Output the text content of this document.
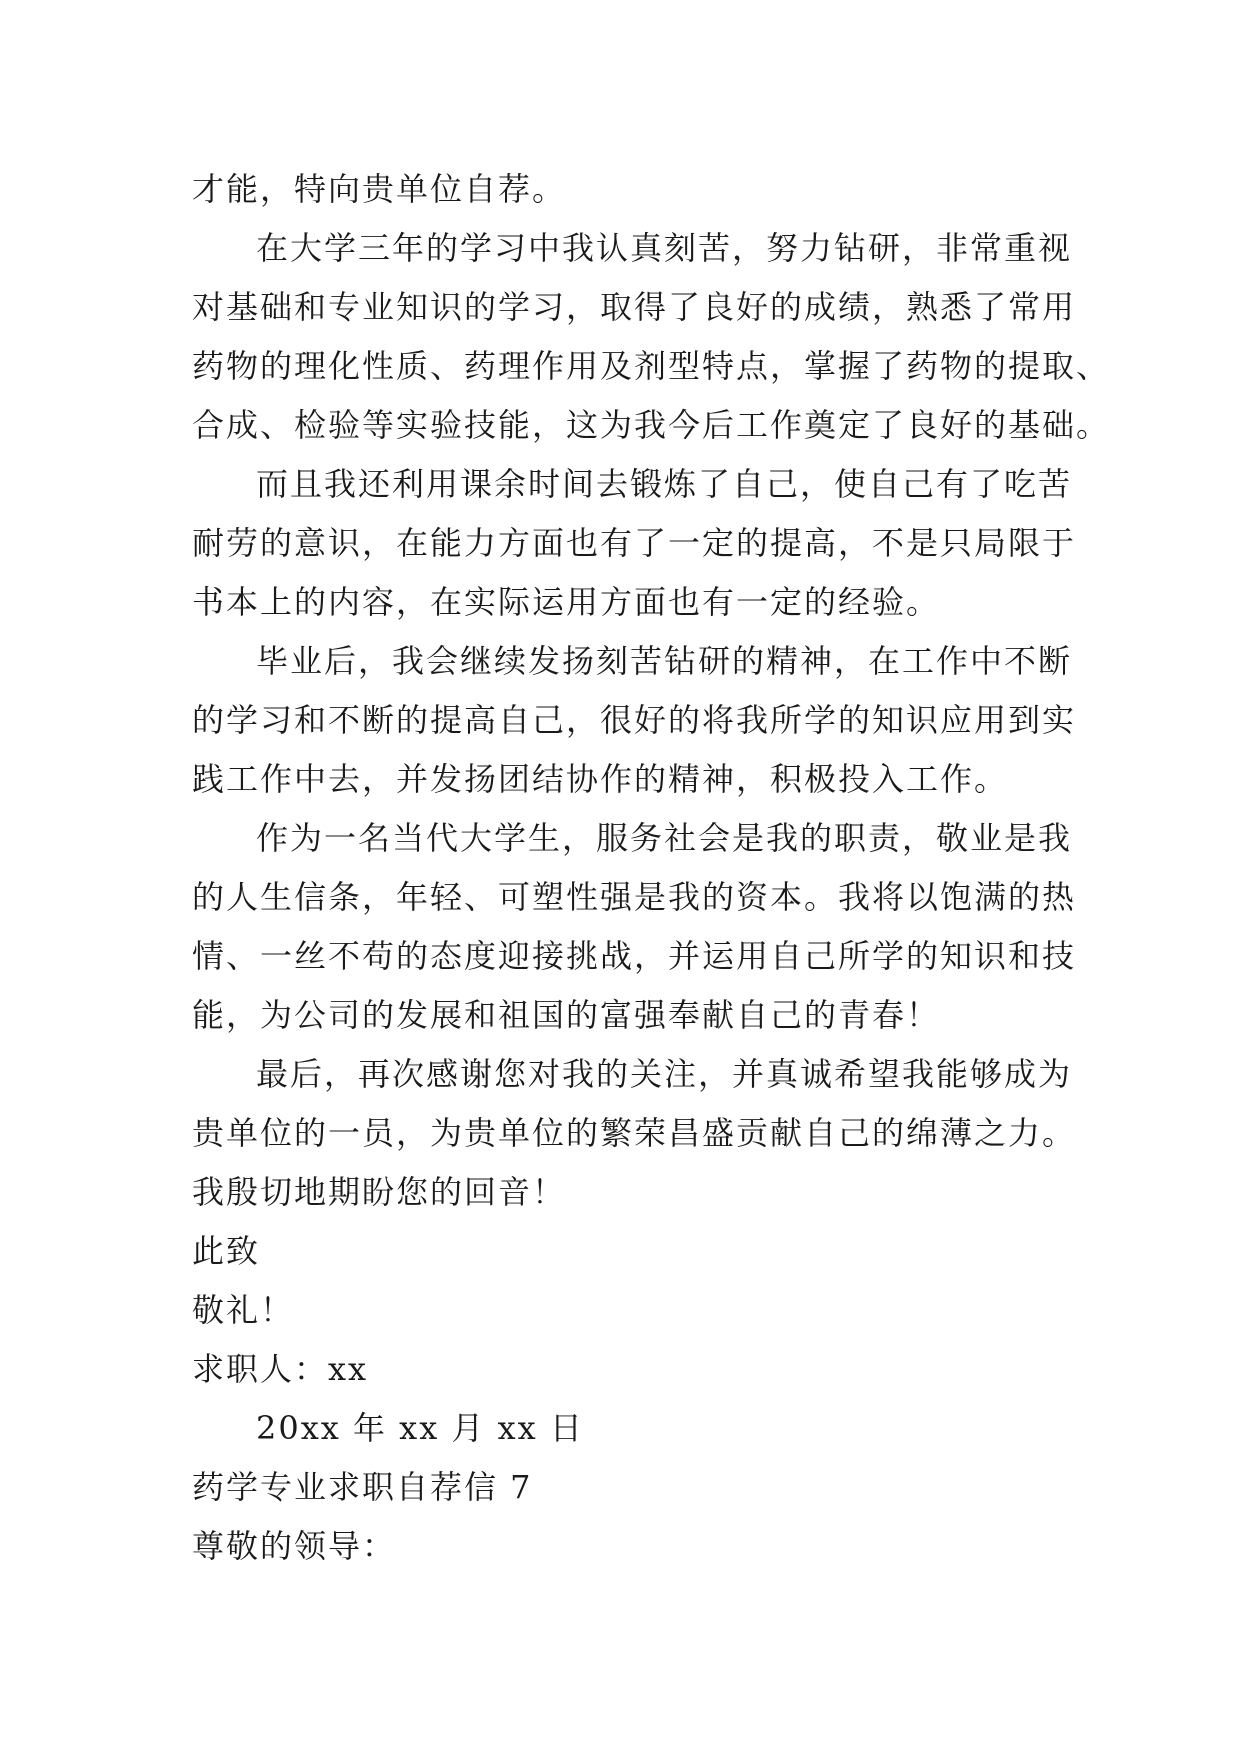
才能，特向贵单位自荐。
在大学三年的学习中我认真刻苦，努力钻研，非常重视
对基础和专业知识的学习，取得了良好的成绩，熟悉了常用
药物的理化性质、药理作用及剂型特点，掌握了药物的提取、
合成、检验等实验技能，这为我今后工作奠定了良好的基础。
而且我还利用课余时间去锻炼了自己，使自己有了吃苦
耐劳的意识，在能力方面也有了一定的提高，不是只局限于
书本上的内容，在实际运用方面也有一定的经验。
毕业后，我会继续发扬刻苦钻研的精神，在工作中不断
的学习和不断的提高自己，很好的将我所学的知识应用到实
践工作中去，并发扬团结协作的精神，积极投入工作。
作为一名当代大学生，服务社会是我的职责，敬业是我
的人生信条，年轻、可塑性强是我的资本。我将以饱满的热
情、一丝不苟的态度迎接挑战，并运用自己所学的知识和技
能，为公司的发展和祖国的富强奉献自己的青春！
最后，再次感谢您对我的关注，并真诚希望我能够成为
贵单位的一员，为贵单位的繁荣昌盛贡献自己的绵薄之力。
我殷切地期盼您的回音！
此致
敬礼！
求职人：xx
20xx 年 xx 月 xx 日
药学专业求职自荐信 7
尊敬的领导：
